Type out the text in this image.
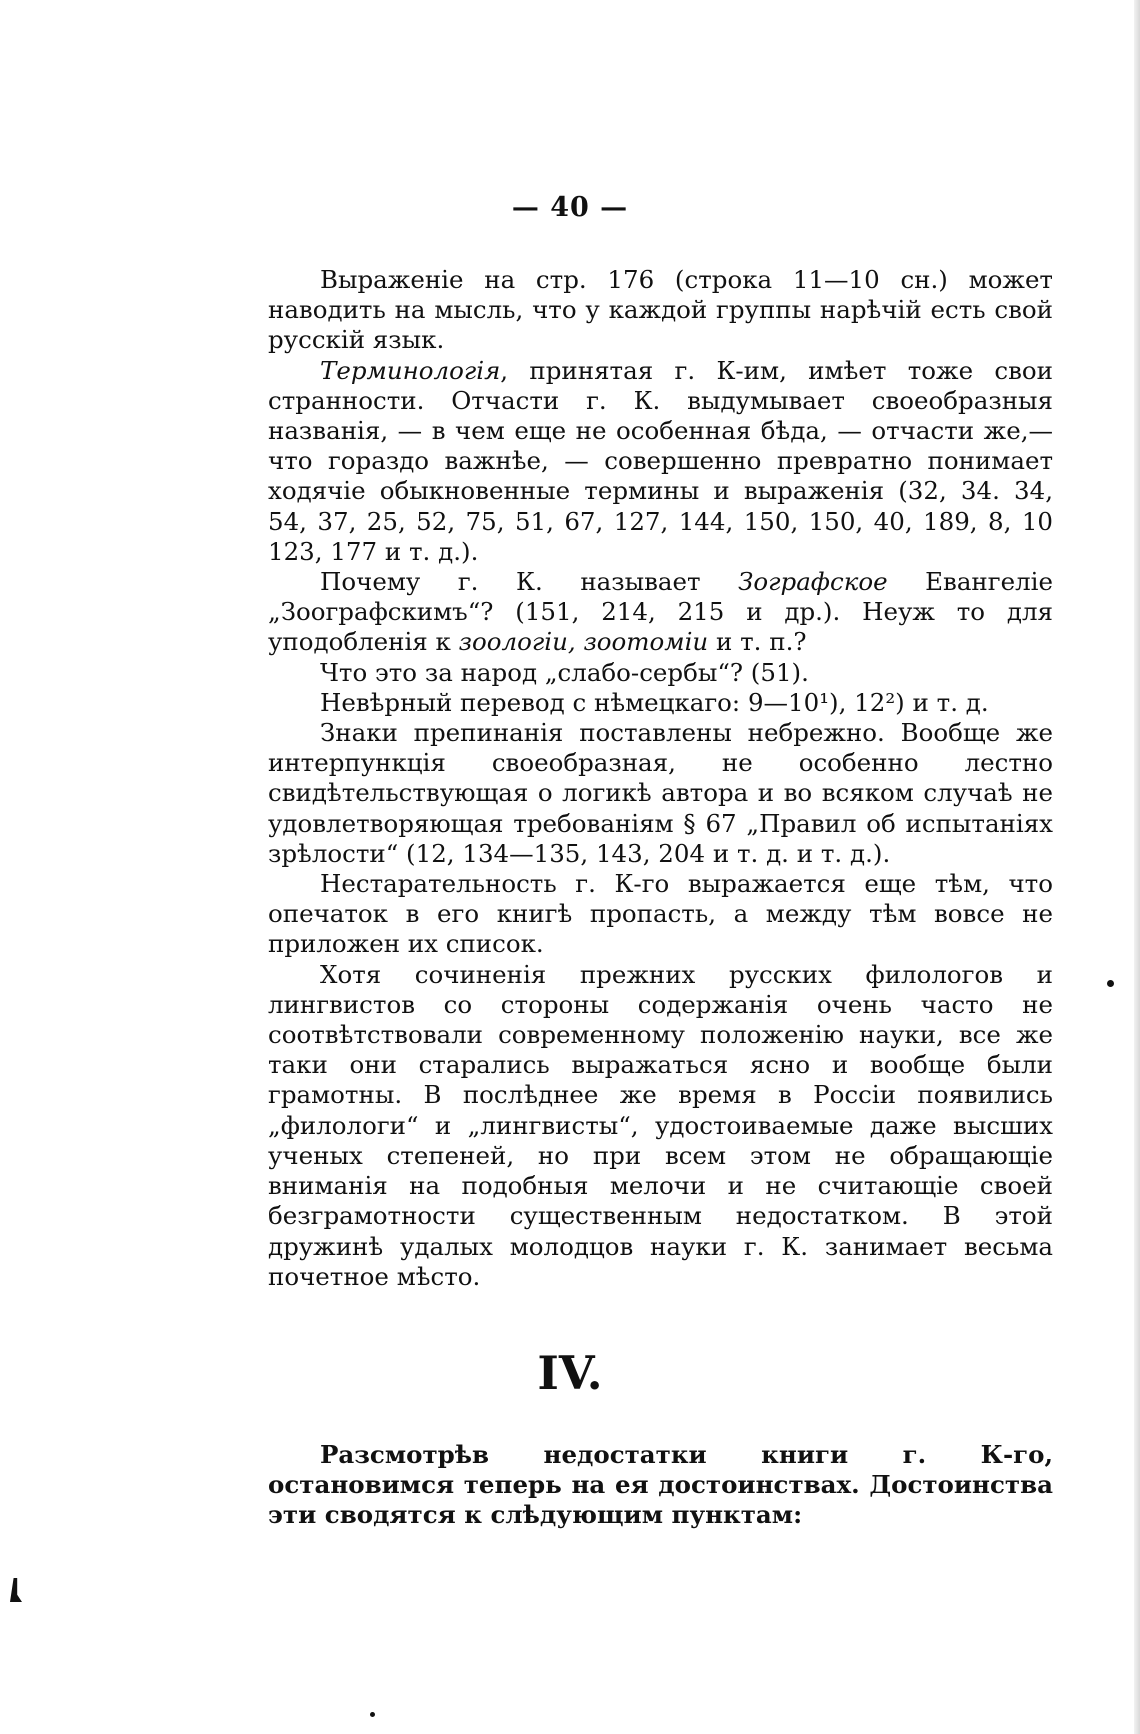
— 40 —

Выраженіе на стр. 176 (строка 11—10 сн.) может наводить на мысль, что у каждой группы нарѣчій есть свой русскій язык.

Терминологія, принятая г. К-им, имѣет тоже свои странности. Отчасти г. К. выдумывает своеобразныя названія, — в чем еще не особенная бѣда, — отчасти же,—что гораздо важнѣе, — совершенно превратно понимает ходячіе обыкновенные термины и выраженія (32, 34. 34, 54, 37, 25, 52, 75, 51, 67, 127, 144, 150, 150, 40, 189, 8, 10 123, 177 и т. д.).

Почему г. К. называет Зографское Евангеліе „Зоографскимъ“? (151, 214, 215 и др.). Неуж то для уподобленія к зоологіи, зоотоміи и т. п.?

Что это за народ „слабо-сербы“? (51).

Невѣрный перевод с нѣмецкаго: 9—10¹), 12²) и т. д.

Знаки препинанія поставлены небрежно. Вообще же интерпункція своеобразная, не особенно лестно свидѣтельствующая о логикѣ автора и во всяком случаѣ не удовлетворяющая требованіям § 67 „Правил об испытаніях зрѣлости“ (12, 134—135, 143, 204 и т. д. и т. д.).

Нестарательность г. К-го выражается еще тѣм, что опечаток в его книгѣ пропасть, а между тѣм вовсе не приложен их список.

Хотя сочиненія прежних русских филологов и лингвистов со стороны содержанія очень часто не соотвѣтствовали современному положенію науки, все же таки они старались выражаться ясно и вообще были грамотны. В послѣднее же время в Россіи появились „филологи“ и „лингвисты“, удостоиваемые даже высших ученых степеней, но при всем этом не обращающіе вниманія на подобныя мелочи и не считающіе своей безграмотности существенным недостатком. В этой дружинѣ удалых молодцов науки г. К. занимает весьма почетное мѣсто.

IV.

Разсмотрѣв недостатки книги г. К-го, остановимся теперь на ея достоинствах. Достоинства эти сводятся к слѣдующим пунктам:
